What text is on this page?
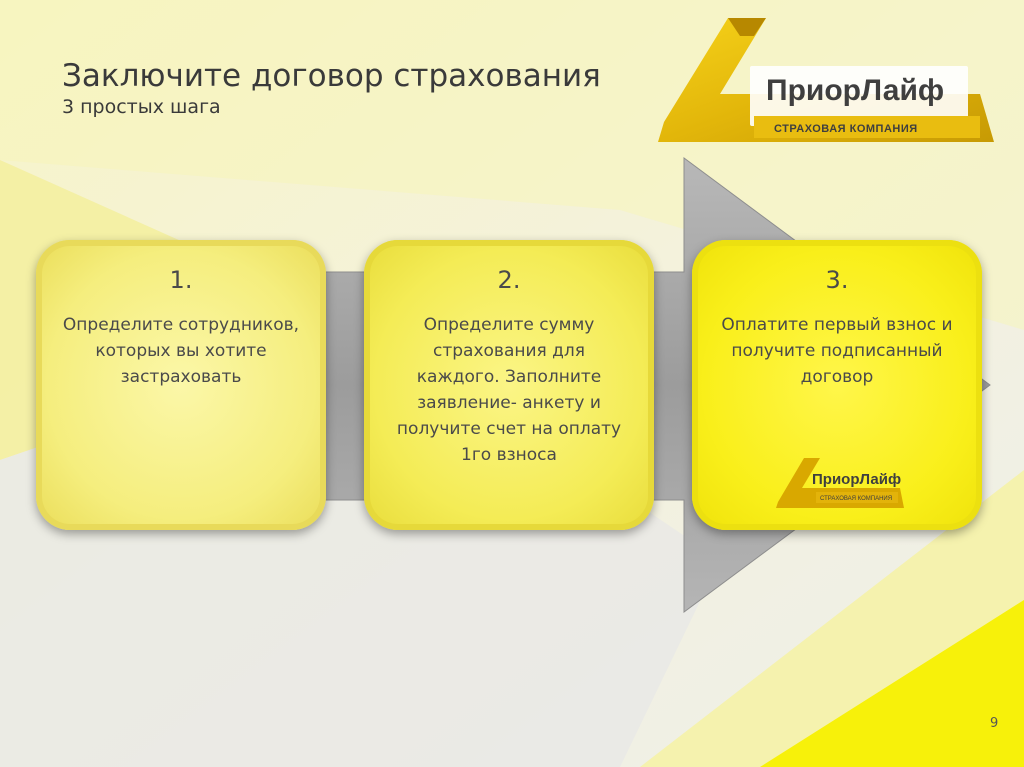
Заключите договор страхования
3 простых шага	ПриорЛайф
СТРАХОВАЯ КОМПАНИЯ
1.
Определите сотрудников, которых вы хотите застраховать
2.
Определите сумму страхования для каждого. Заполните заявление- анкету и получите счет на оплату 1го взноса
3.
Оплатите первый взнос и получите подписанный договор
ПриорЛайф
СТРАХОВАЯ КОМПАНИЯ
9
